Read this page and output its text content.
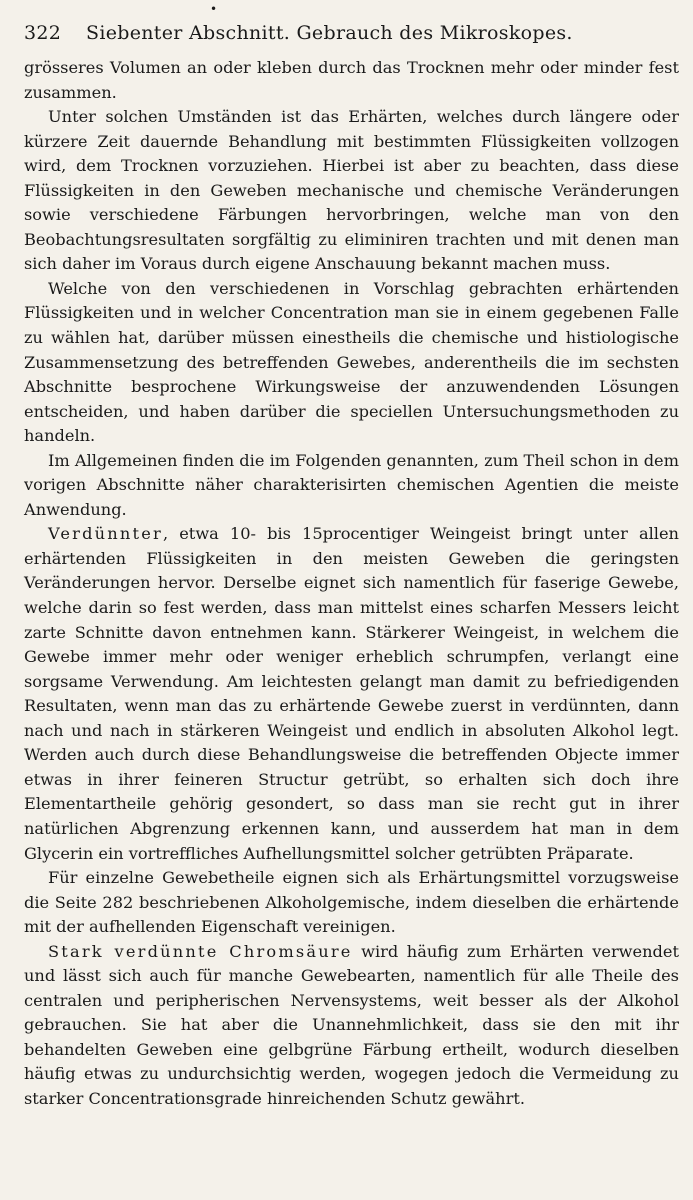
•
322	Siebenter Abschnitt. Gebrauch des Mikroskopes.

grösseres Volumen an oder kleben durch das Trocknen mehr oder minder fest zusammen.

Unter solchen Umständen ist das Erhärten, welches durch längere oder kürzere Zeit dauernde Behandlung mit bestimmten Flüssigkeiten vollzogen wird, dem Trocknen vorzuziehen. Hierbei ist aber zu beachten, dass diese Flüssigkeiten in den Geweben mechanische und chemische Veränderungen sowie verschiedene Färbungen hervorbringen, welche man von den Beobachtungsresultaten sorgfältig zu eliminiren trachten und mit denen man sich daher im Voraus durch eigene Anschauung bekannt machen muss.

Welche von den verschiedenen in Vorschlag gebrachten erhärtenden Flüssigkeiten und in welcher Concentration man sie in einem gegebenen Falle zu wählen hat, darüber müssen einestheils die chemische und histiologische Zusammensetzung des betreffenden Gewebes, anderentheils die im sechsten Abschnitte besprochene Wirkungsweise der anzuwendenden Lösungen entscheiden, und haben darüber die speciellen Untersuchungsmethoden zu handeln.

Im Allgemeinen finden die im Folgenden genannten, zum Theil schon in dem vorigen Abschnitte näher charakterisirten chemischen Agentien die meiste Anwendung.

Verdünnter, etwa 10- bis 15procentiger Weingeist bringt unter allen erhärtenden Flüssigkeiten in den meisten Geweben die geringsten Veränderungen hervor. Derselbe eignet sich namentlich für faserige Gewebe, welche darin so fest werden, dass man mittelst eines scharfen Messers leicht zarte Schnitte davon entnehmen kann. Stärkerer Weingeist, in welchem die Gewebe immer mehr oder weniger erheblich schrumpfen, verlangt eine sorgsame Verwendung. Am leichtesten gelangt man damit zu befriedigenden Resultaten, wenn man das zu erhärtende Gewebe zuerst in verdünnten, dann nach und nach in stärkeren Weingeist und endlich in absoluten Alkohol legt. Werden auch durch diese Behandlungsweise die betreffenden Objecte immer etwas in ihrer feineren Structur getrübt, so erhalten sich doch ihre Elementartheile gehörig gesondert, so dass man sie recht gut in ihrer natürlichen Abgrenzung erkennen kann, und ausserdem hat man in dem Glycerin ein vortreffliches Aufhellungsmittel solcher getrübten Präparate.

Für einzelne Gewebetheile eignen sich als Erhärtungsmittel vorzugsweise die Seite 282 beschriebenen Alkoholgemische, indem dieselben die erhärtende mit der aufhellenden Eigenschaft vereinigen.

Stark verdünnte Chromsäure wird häufig zum Erhärten verwendet und lässt sich auch für manche Gewebearten, namentlich für alle Theile des centralen und peripherischen Nervensystems, weit besser als der Alkohol gebrauchen. Sie hat aber die Unannehmlichkeit, dass sie den mit ihr behandelten Geweben eine gelbgrüne Färbung ertheilt, wodurch dieselben häufig etwas zu undurchsichtig werden, wogegen jedoch die Vermeidung zu starker Concentrationsgrade hinreichenden Schutz gewährt.
